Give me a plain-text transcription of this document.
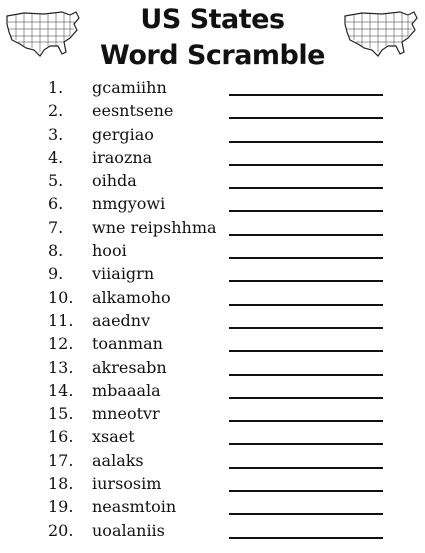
US States
Word Scramble
1.	gcamiihn
2.	eesntsene
3.	gergiao
4.	iraozna
5.	oihda
6.	nmgyowi
7.	wne reipshhma
8.	hooi
9.	viiaigrn
10.	alkamoho
11.	aaednv
12.	toanman
13.	akresabn
14.	mbaaala
15.	mneotvr
16.	xsaet
17.	aalaks
18.	iursosim
19.	neasmtoin
20.	uoalaniis
